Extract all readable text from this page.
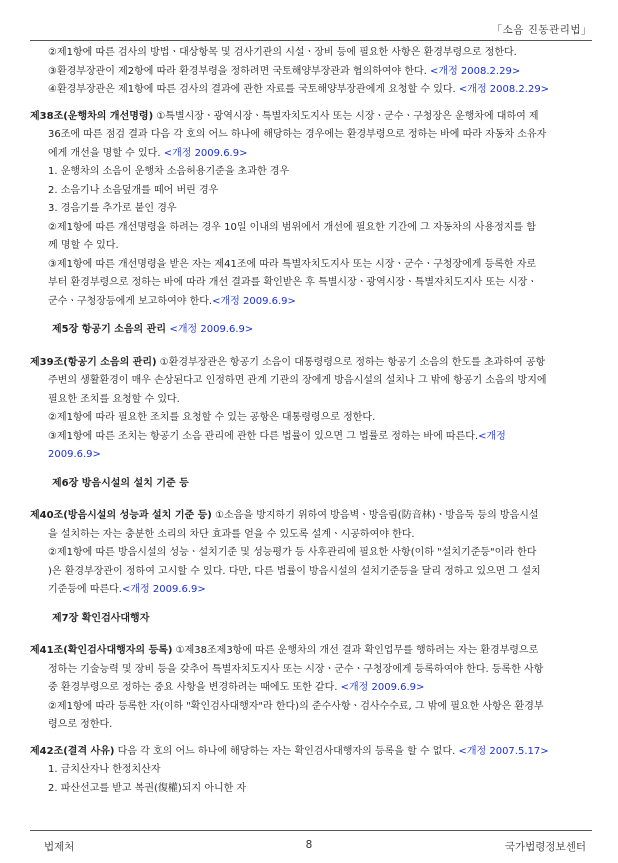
「소음 진동관리법」
②제1항에 따른 검사의 방법ㆍ대상항목 및 검사기관의 시설ㆍ장비 등에 필요한 사항은 환경부령으로 정한다.
③환경부장관이 제2항에 따라 환경부령을 정하려면 국토해양부장관과 협의하여야 한다. <개정 2008.2.29>
④환경부장관은 제1항에 따른 검사의 결과에 관한 자료를 국토해양부장관에게 요청할 수 있다. <개정 2008.2.29>
제38조(운행차의 개선명령) ①특별시장ㆍ광역시장ㆍ특별자치도지사 또는 시장ㆍ군수ㆍ구청장은 운행차에 대하여 제
36조에 따른 점검 결과 다음 각 호의 어느 하나에 해당하는 경우에는 환경부령으로 정하는 바에 따라 자동차 소유자
에게 개선을 명할 수 있다. <개정 2009.6.9>
1. 운행차의 소음이 운행차 소음허용기준을 초과한 경우
2. 소음기나 소음덮개를 떼어 버린 경우
3. 경음기를 추가로 붙인 경우
②제1항에 따른 개선명령을 하려는 경우 10일 이내의 범위에서 개선에 필요한 기간에 그 자동차의 사용정지를 함
께 명할 수 있다.
③제1항에 따른 개선명령을 받은 자는 제41조에 따라 특별자치도지사 또는 시장ㆍ군수ㆍ구청장에게 등록한 자로
부터 환경부령으로 정하는 바에 따라 개선 결과를 확인받은 후 특별시장ㆍ광역시장ㆍ특별자치도지사 또는 시장ㆍ
군수ㆍ구청장등에게 보고하여야 한다.<개정 2009.6.9>
제5장 항공기 소음의 관리 <개정 2009.6.9>
제39조(항공기 소음의 관리) ①환경부장관은 항공기 소음이 대통령령으로 정하는 항공기 소음의 한도를 초과하여 공항
주변의 생활환경이 매우 손상된다고 인정하면 관계 기관의 장에게 방음시설의 설치나 그 밖에 항공기 소음의 방지에
필요한 조치를 요청할 수 있다.
②제1항에 따라 필요한 조치를 요청할 수 있는 공항은 대통령령으로 정한다.
③제1항에 따른 조치는 항공기 소음 관리에 관한 다른 법률이 있으면 그 법률로 정하는 바에 따른다.<개정
2009.6.9>
제6장 방음시설의 설치 기준 등
제40조(방음시설의 성능과 설치 기준 등) ①소음을 방지하기 위하여 방음벽ㆍ방음림(防音林)ㆍ방음둑 등의 방음시설
을 설치하는 자는 충분한 소리의 차단 효과를 얻을 수 있도록 설계ㆍ시공하여야 한다.
②제1항에 따른 방음시설의 성능ㆍ설치기준 및 성능평가 등 사후관리에 필요한 사항(이하 "설치기준등"이라 한다
)은 환경부장관이 정하여 고시할 수 있다. 다만, 다른 법률이 방음시설의 설치기준등을 달리 정하고 있으면 그 설치
기준등에 따른다.<개정 2009.6.9>
제7장 확인검사대행자
제41조(확인검사대행자의 등록) ①제38조제3항에 따른 운행차의 개선 결과 확인업무를 행하려는 자는 환경부령으로
정하는 기술능력 및 장비 등을 갖추어 특별자치도지사 또는 시장ㆍ군수ㆍ구청장에게 등록하여야 한다. 등록한 사항
중 환경부령으로 정하는 중요 사항을 변경하려는 때에도 또한 같다. <개정 2009.6.9>
②제1항에 따라 등록한 자(이하 "확인검사대행자"라 한다)의 준수사항ㆍ검사수수료, 그 밖에 필요한 사항은 환경부
령으로 정한다.
제42조(결격 사유) 다음 각 호의 어느 하나에 해당하는 자는 확인검사대행자의 등록을 할 수 없다. <개정 2007.5.17>
1. 금치산자나 한정치산자
2. 파산선고를 받고 복권(復權)되지 아니한 자
법제처	8	국가법령정보센터
